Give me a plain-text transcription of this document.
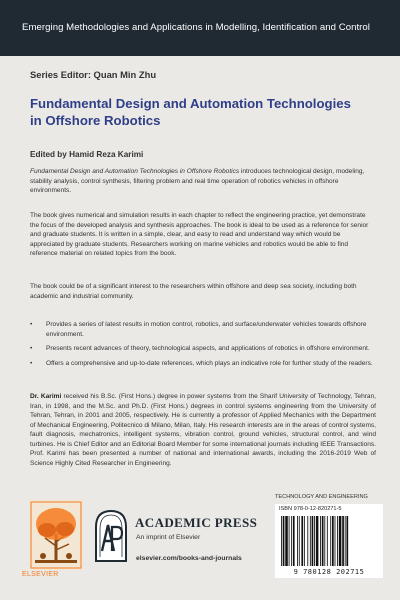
Emerging Methodologies and Applications in Modelling, Identification and Control
Series Editor: Quan Min Zhu
Fundamental Design and Automation Technologies
in Offshore Robotics
Edited by Hamid Reza Karimi
Fundamental Design and Automation Technologies in Offshore Robotics introduces technological design, modeling, stability analysis, control synthesis, filtering problem and real time operation of robotics vehicles in offshore environments.
The book gives numerical and simulation results in each chapter to reflect the engineering practice, yet demonstrate the focus of the developed analysis and synthesis approaches. The book is ideal to be used as a reference for senior and graduate students. It is written in a simple, clear, and easy to read and understand way which would be appreciated by graduate students. Researchers working on marine vehicles and robotics would be able to find reference material on related topics from the book.
The book could be of a significant interest to the researchers within offshore and deep sea society, including both academic and industrial community.
• Provides a series of latest results in motion control, robotics, and surface/underwater vehicles towards offshore environment.
• Presents recent advances of theory, technological aspects, and applications of robotics in offshore environment.
• Offers a comprehensive and up-to-date references, which plays an indicative role for further study of the readers.
Dr. Karimi received his B.Sc. (First Hons.) degree in power systems from the Sharif University of Technology, Tehran, Iran, in 1998, and the M.Sc. and Ph.D. (First Hons.) degrees in control systems engineering from the University of Tehran, Tehran, in 2001 and 2005, respectively. He is currently a professor of Applied Mechanics with the Department of Mechanical Engineering, Politecnico di Milano, Milan, Italy. His research interests are in the areas of control systems, fault diagnosis, mechatronics, intelligent systems, vibration control, ground vehicles, structural control, and wind turbines. He is Chief Editor and an Editorial Board Member for some international journals including IEEE Transactions. Prof. Karimi has been presented a number of national and international awards, including the 2016-2019 Web of Science Highly Cited Researcher in Engineering.
TECHNOLOGY AND ENGINEERING
ISBN 978-0-12-820271-5
9 780128 202715
ELSEVIER
ACADEMIC PRESS
An imprint of Elsevier
elsevier.com/books-and-journals
